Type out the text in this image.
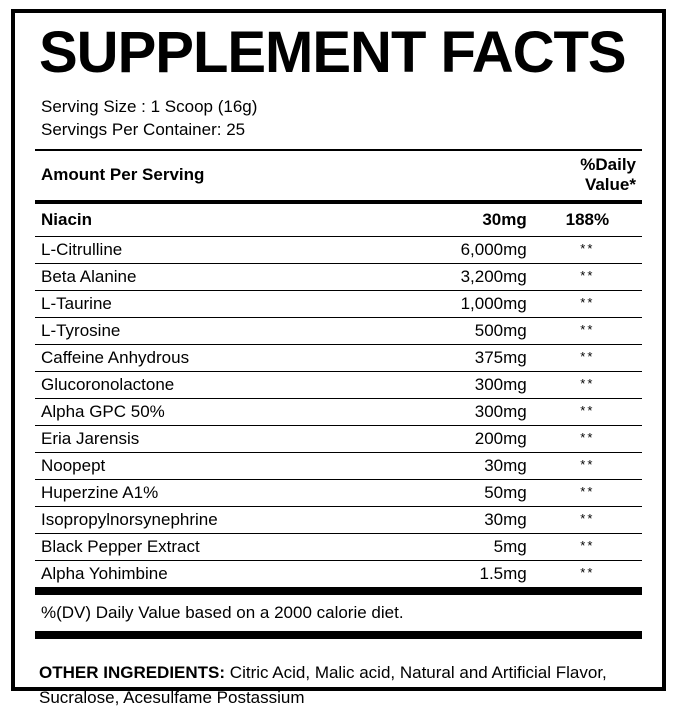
SUPPLEMENT FACTS
Serving Size : 1 Scoop (16g)
Servings Per Container: 25
Amount Per Serving		%Daily Value*
Niacin	30mg	188%
L-Citrulline	6,000mg	**
Beta Alanine	3,200mg	**
L-Taurine	1,000mg	**
L-Tyrosine	500mg	**
Caffeine Anhydrous	375mg	**
Glucoronolactone	300mg	**
Alpha GPC 50%	300mg	**
Eria Jarensis	200mg	**
Noopept	30mg	**
Huperzine A1%	50mg	**
Isopropylnorsynephrine	30mg	**
Black Pepper Extract	5mg	**
Alpha Yohimbine	1.5mg	**
%(DV) Daily Value based on a 2000 calorie diet.
OTHER INGREDIENTS: Citric Acid, Malic acid, Natural and Artificial Flavor, Sucralose, Acesulfame Postassium
